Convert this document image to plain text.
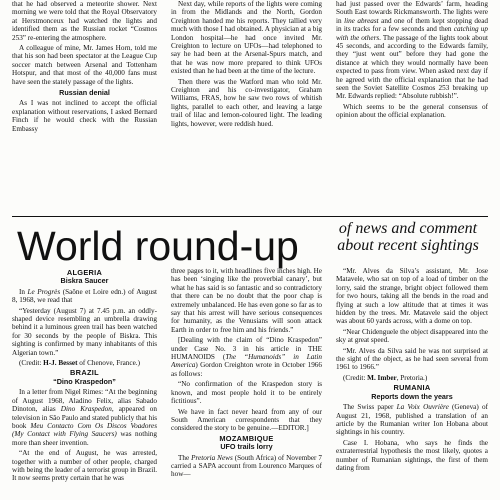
that he had observed a meteorite shower. Next morning we were told that the Royal Observatory at Herstmonceux had watched the lights and identified them as the Russian rocket “Cosmos 253” re-entering the atmosphere.

A colleague of mine, Mr. James Horn, told me that his son had been spectator at the League Cup soccer match between Arsenal and Tottenham Hotspur, and that most of the 40,000 fans must have seen the stately passage of the lights.

Russian denial

As I was not inclined to accept the official explanation without reservations, I asked Bernard Finch if he would check with the Russian Embassy

Next day, while reports of the lights were coming in from the Midlands and the North, Gordon Creighton handed me his reports. They tallied very much with those I had obtained. A physician at a big London hospital—he had once invited Mr. Creighton to lecture on UFOs—had telephoned to say he had been at the Arsenal-Spurs match, and that he was now more prepared to think UFOs existed than he had been at the time of the lecture.

Then there was the Watford man who told Mr. Creighton and his co-investigator, Graham Williams, FRAS, how he saw two rows of whitish lights, parallel to each other, and leaving a large trail of lilac and lemon-coloured light. The leading lights, however, were reddish hued.

had just passed over the Edwards’ farm, heading South East towards Rickmansworth. The lights were in line abreast and one of them kept stopping dead in its tracks for a few seconds and then catching up with the others. The passage of the lights took about 45 seconds, and according to the Edwards family, they “just went out” before they had gone the distance at which they would normally have been expected to pass from view. When asked next day if he agreed with the official explanation that he had seen the Soviet Satellite Cosmos 253 breaking up Mr. Edwards replied: “Absolute rubbish!”.

Which seems to be the general consensus of opinion about the official explanation.

World round-up	of news and comment about recent sightings
ALGERIA
Biskra Saucer

In Le Progrès (Saône et Loire edn.) of August 8, 1968, we read that

“Yesterday (August 7) at 7.45 p.m. an oddly-shaped device resembling an umbrella drawing behind it a luminous green trail has been watched for 30 seconds by the people of Biskra. This sighting is confirmed by many inhabitants of this Algerian town.”

(Credit: H-J. Besset of Chenove, France.)

BRAZIL
“Dino Kraspedon”

In a letter from Nigel Rimes: “At the beginning of August 1968, Aladino Felix, alias Sabado Dinoton, alias Dino Kraspedon, appeared on television in São Paulo and stated publicly that his book Meu Contacto Com Os Discos Voadores (My Contact with Flying Saucers) was nothing more than sheer invention.

“At the end of August, he was arrested, together with a number of other people, charged with being the leader of a terrorist group in Brazil. It now seems pretty certain that he was

three pages to it, with headlines five inches high. He has been ‘singing like the proverbial canary’, but what he has said is so fantastic and so contradictory that there can be no doubt that the poor chap is extremely unbalanced. He has even gone so far as to say that his arrest will have serious consequences for humanity, as the Venusians will soon attack Earth in order to free him and his friends.”

[Dealing with the claim of “Dino Kraspedon” under Case No. 3 in his article in THE HUMANOIDS (The “Humanoids” in Latin America) Gordon Creighton wrote in October 1966 as follows:

“No confirmation of the Kraspedon story is known, and most people hold it to be entirely fictitious”.

We have in fact never heard from any of our South American correspondents that they considered the story to be genuine.—EDITOR.]

MOZAMBIQUE
UFO trails lorry

The Pretoria News (South Africa) of November 7 carried a SAPA account from Lourenco Marques of how—

“Mr. Alves da Silva’s assistant, Mr. Jose Matavele, who sat on top of a load of timber on the lorry, said the strange, bright object followed them for two hours, taking all the bends in the road and flying at such a low altitude that at times it was hidden by the trees. Mr. Matavele said the object was about 60 yards across, with a dome on top.

“Near Chidenguele the object disappeared into the sky at great speed.

“Mr. Alves da Silva said he was not surprised at the sight of the object, as he had seen several from 1961 to 1966.”

(Credit: M. Imber, Pretoria.)

RUMANIA
Reports down the years

The Swiss paper La Voix Ouvrière (Geneva) of August 21, 1968, published a translation of an article by the Rumanian writer Ion Hobana about sightings in his country.

Case I. Hobana, who says he finds the extraterrestrial hypothesis the most likely, quotes a number of Rumanian sightings, the first of them dating from
